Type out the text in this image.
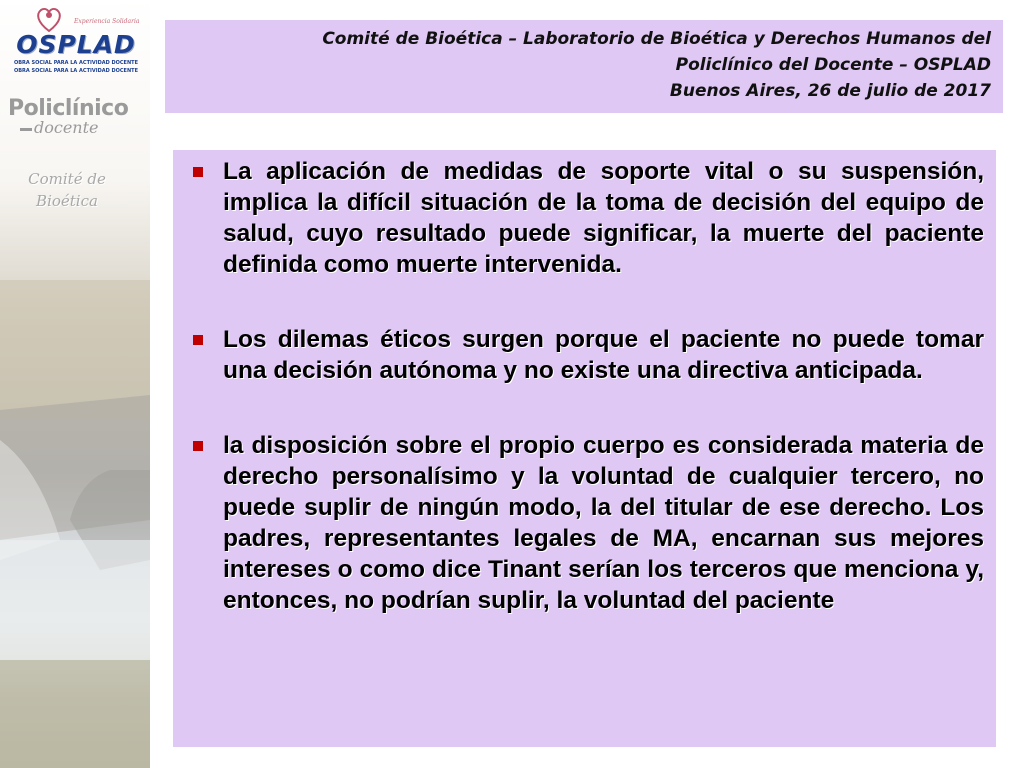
Experiencia Solidaria
OSPLAD
OBRA SOCIAL PARA LA ACTIVIDAD DOCENTE
OBRA SOCIAL PARA LA ACTIVIDAD DOCENTE
Policlínico
docente
Comité de Bioética
Comité de Bioética – Laboratorio de Bioética y Derechos Humanos del
Policlínico del Docente – OSPLAD
Buenos Aires, 26 de julio de 2017

La aplicación de medidas de soporte vital o su suspensión, implica la difícil situación de la toma de decisión del equipo de salud, cuyo resultado puede significar, la muerte del paciente definida como muerte intervenida.

Los dilemas éticos surgen porque el paciente no puede tomar una decisión autónoma y no existe una directiva anticipada.

la disposición sobre el propio cuerpo es considerada materia de derecho personalísimo y la voluntad de cualquier tercero, no puede suplir de ningún modo, la del titular de ese derecho. Los padres, representantes legales de MA, encarnan sus mejores intereses o como dice Tinant serían los terceros que menciona y, entonces, no podrían suplir, la voluntad del paciente
